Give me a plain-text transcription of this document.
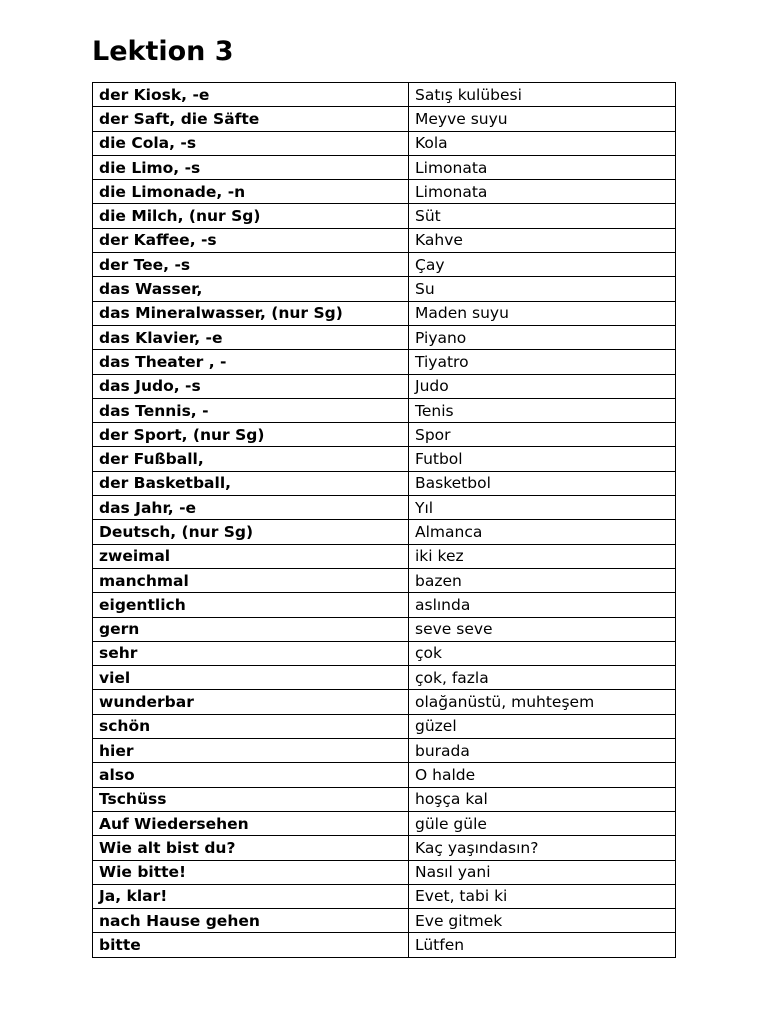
Lektion 3
der Kiosk, -e	Satış kulübesi
der Saft, die Säfte	Meyve suyu
die Cola, -s	Kola
die Limo, -s	Limonata
die Limonade, -n	Limonata
die Milch, (nur Sg)	Süt
der Kaffee, -s	Kahve
der Tee, -s	Çay
das Wasser,	Su
das Mineralwasser, (nur Sg)	Maden suyu
das Klavier, -e	Piyano
das Theater , -	Tiyatro
das Judo, -s	Judo
das Tennis, -	Tenis
der Sport, (nur Sg)	Spor
der Fußball,	Futbol
der Basketball,	Basketbol
das Jahr, -e	Yıl
Deutsch, (nur Sg)	Almanca
zweimal	iki kez
manchmal	bazen
eigentlich	aslında
gern	seve seve
sehr	çok
viel	çok, fazla
wunderbar	olağanüstü, muhteşem
schön	güzel
hier	burada
also	O halde
Tschüss	hoşça kal
Auf Wiedersehen	güle güle
Wie alt bist du?	Kaç yaşındasın?
Wie bitte!	Nasıl yani
Ja, klar!	Evet, tabi ki
nach Hause gehen	Eve gitmek
bitte	Lütfen
